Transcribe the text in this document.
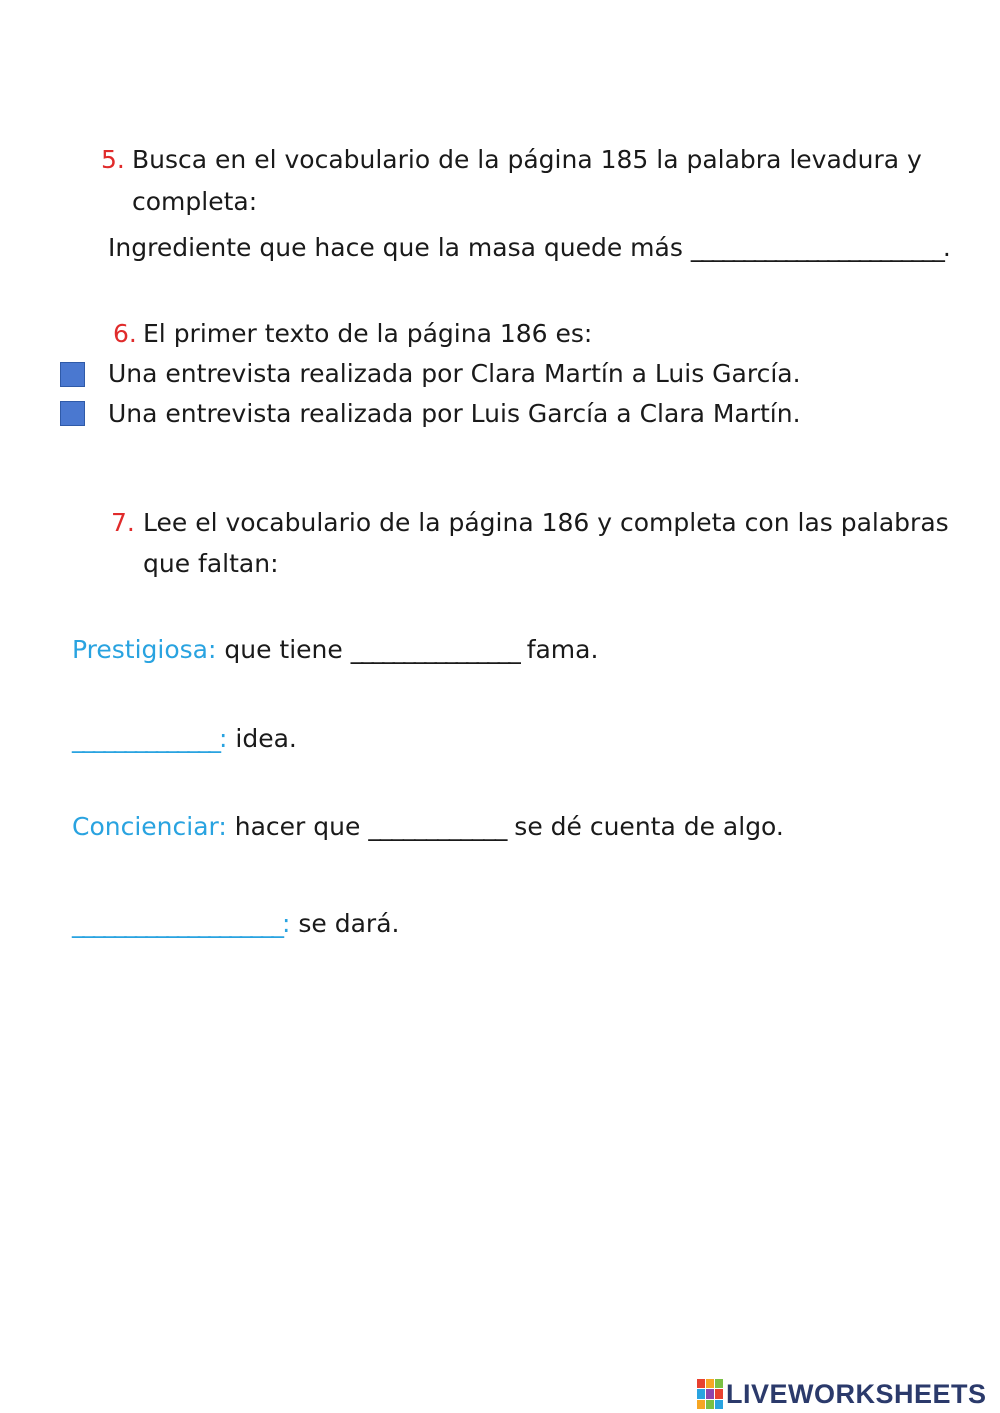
5. Busca en el vocabulario de la página 185 la palabra levadura y
completa:
Ingrediente que hace que la masa quede más ________________________.
6. El primer texto de la página 186 es:
Una entrevista realizada por Clara Martín a Luis García.
Una entrevista realizada por Luis García a Clara Martín.
7. Lee el vocabulario de la página 186 y completa con las palabras
que faltan:
Prestigiosa: que tiene ________________ fama.
______________: idea.
Concienciar: hacer que ____________ se dé cuenta de algo.
____________________: se dará.
LIVEWORKSHEETS
